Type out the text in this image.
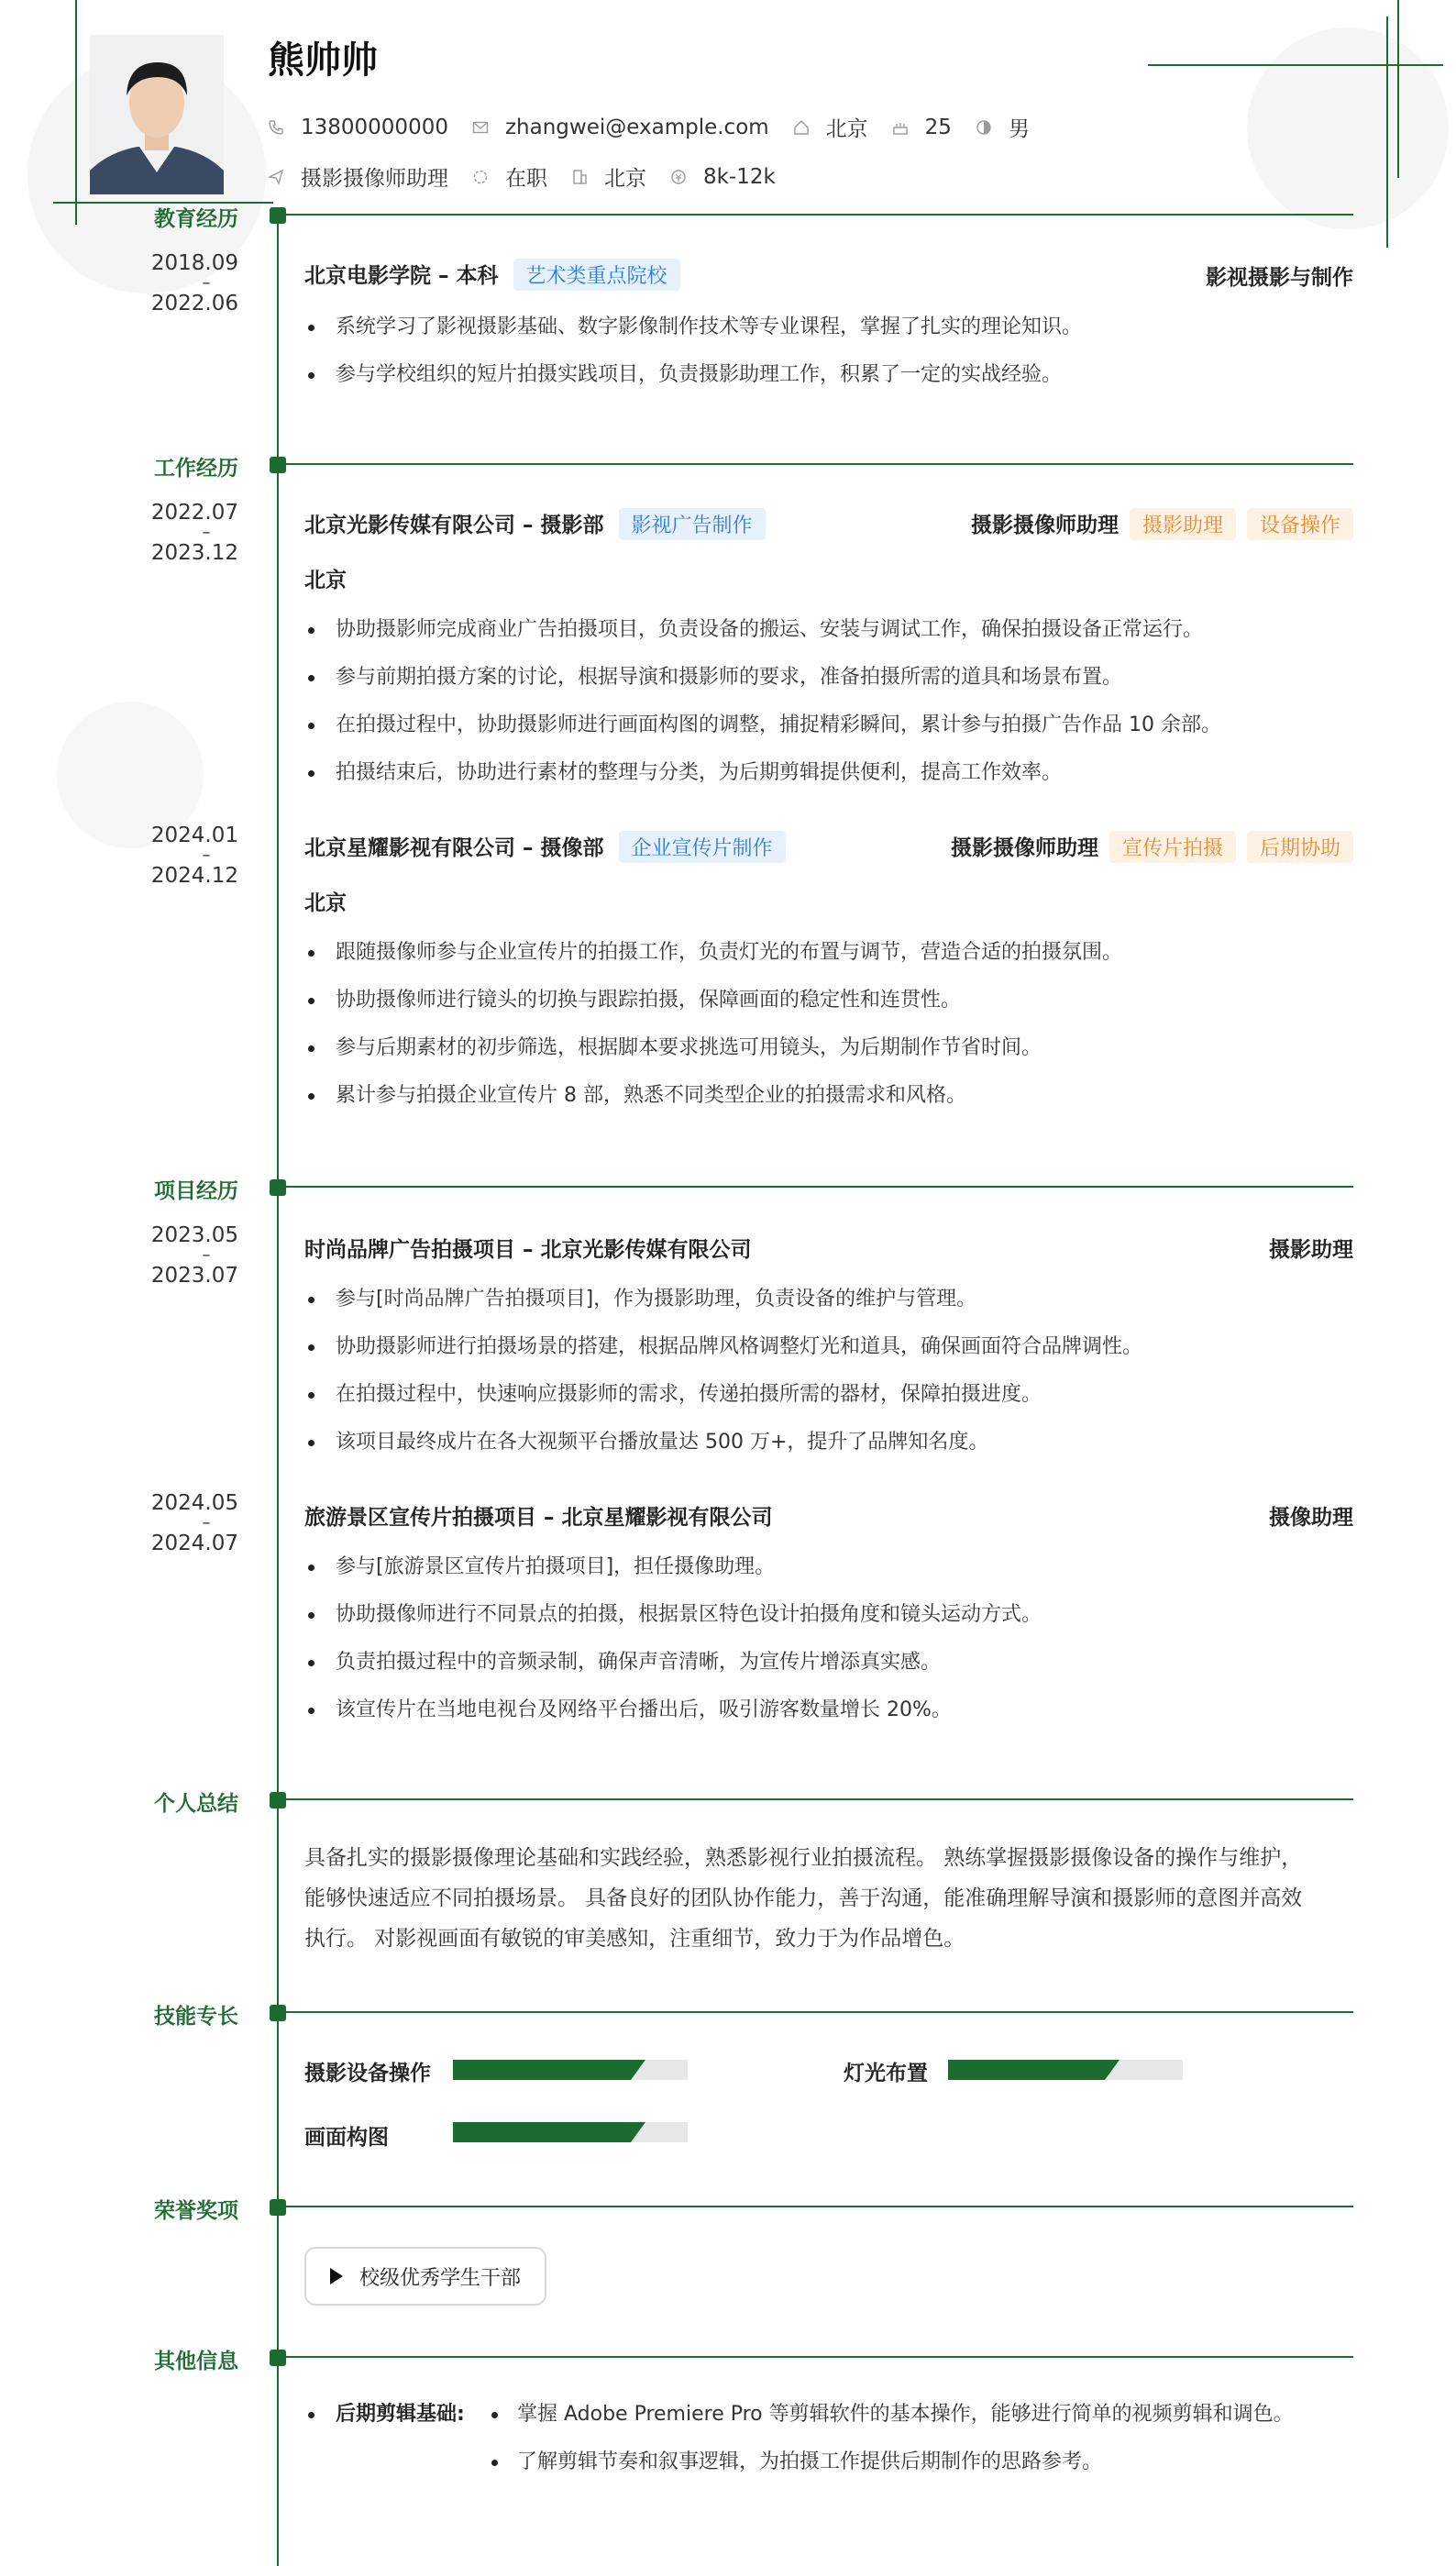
熊帅帅
13800000000	zhangwei@example.com	北京	25	男
摄影摄像师助理	在职	北京	8k-12k
教育经历
2018.09
–
2022.06
北京电影学院 – 本科 艺术类重点院校	影视摄影与制作
系统学习了影视摄影基础、数字影像制作技术等专业课程，掌握了扎实的理论知识。
参与学校组织的短片拍摄实践项目，负责摄影助理工作，积累了一定的实战经验。
工作经历
2022.07
–
2023.12
北京光影传媒有限公司 – 摄影部 影视广告制作	摄影摄像师助理 摄影助理 设备操作
北京
协助摄影师完成商业广告拍摄项目，负责设备的搬运、安装与调试工作，确保拍摄设备正常运行。
参与前期拍摄方案的讨论，根据导演和摄影师的要求，准备拍摄所需的道具和场景布置。
在拍摄过程中，协助摄影师进行画面构图的调整，捕捉精彩瞬间，累计参与拍摄广告作品 10 余部。
拍摄结束后，协助进行素材的整理与分类，为后期剪辑提供便利，提高工作效率。
2024.01
–
2024.12
北京星耀影视有限公司 – 摄像部 企业宣传片制作	摄影摄像师助理 宣传片拍摄 后期协助
北京
跟随摄像师参与企业宣传片的拍摄工作，负责灯光的布置与调节，营造合适的拍摄氛围。
协助摄像师进行镜头的切换与跟踪拍摄，保障画面的稳定性和连贯性。
参与后期素材的初步筛选，根据脚本要求挑选可用镜头，为后期制作节省时间。
累计参与拍摄企业宣传片 8 部，熟悉不同类型企业的拍摄需求和风格。
项目经历
2023.05
–
2023.07
时尚品牌广告拍摄项目 – 北京光影传媒有限公司	摄影助理
参与[时尚品牌广告拍摄项目]，作为摄影助理，负责设备的维护与管理。
协助摄影师进行拍摄场景的搭建，根据品牌风格调整灯光和道具，确保画面符合品牌调性。
在拍摄过程中，快速响应摄影师的需求，传递拍摄所需的器材，保障拍摄进度。
该项目最终成片在各大视频平台播放量达 500 万+，提升了品牌知名度。
2024.05
–
2024.07
旅游景区宣传片拍摄项目 – 北京星耀影视有限公司	摄像助理
参与[旅游景区宣传片拍摄项目]，担任摄像助理。
协助摄像师进行不同景点的拍摄，根据景区特色设计拍摄角度和镜头运动方式。
负责拍摄过程中的音频录制，确保声音清晰，为宣传片增添真实感。
该宣传片在当地电视台及网络平台播出后，吸引游客数量增长 20%。
个人总结
具备扎实的摄影摄像理论基础和实践经验，熟悉影视行业拍摄流程。 熟练掌握摄影摄像设备的操作与维护，
能够快速适应不同拍摄场景。 具备良好的团队协作能力，善于沟通，能准确理解导演和摄影师的意图并高效
执行。 对影视画面有敏锐的审美感知，注重细节，致力于为作品增色。
技能专长
摄影设备操作	灯光布置
画面构图
荣誉奖项
校级优秀学生干部
其他信息
后期剪辑基础:	掌握 Adobe Premiere Pro 等剪辑软件的基本操作，能够进行简单的视频剪辑和调色。
了解剪辑节奏和叙事逻辑，为拍摄工作提供后期制作的思路参考。
